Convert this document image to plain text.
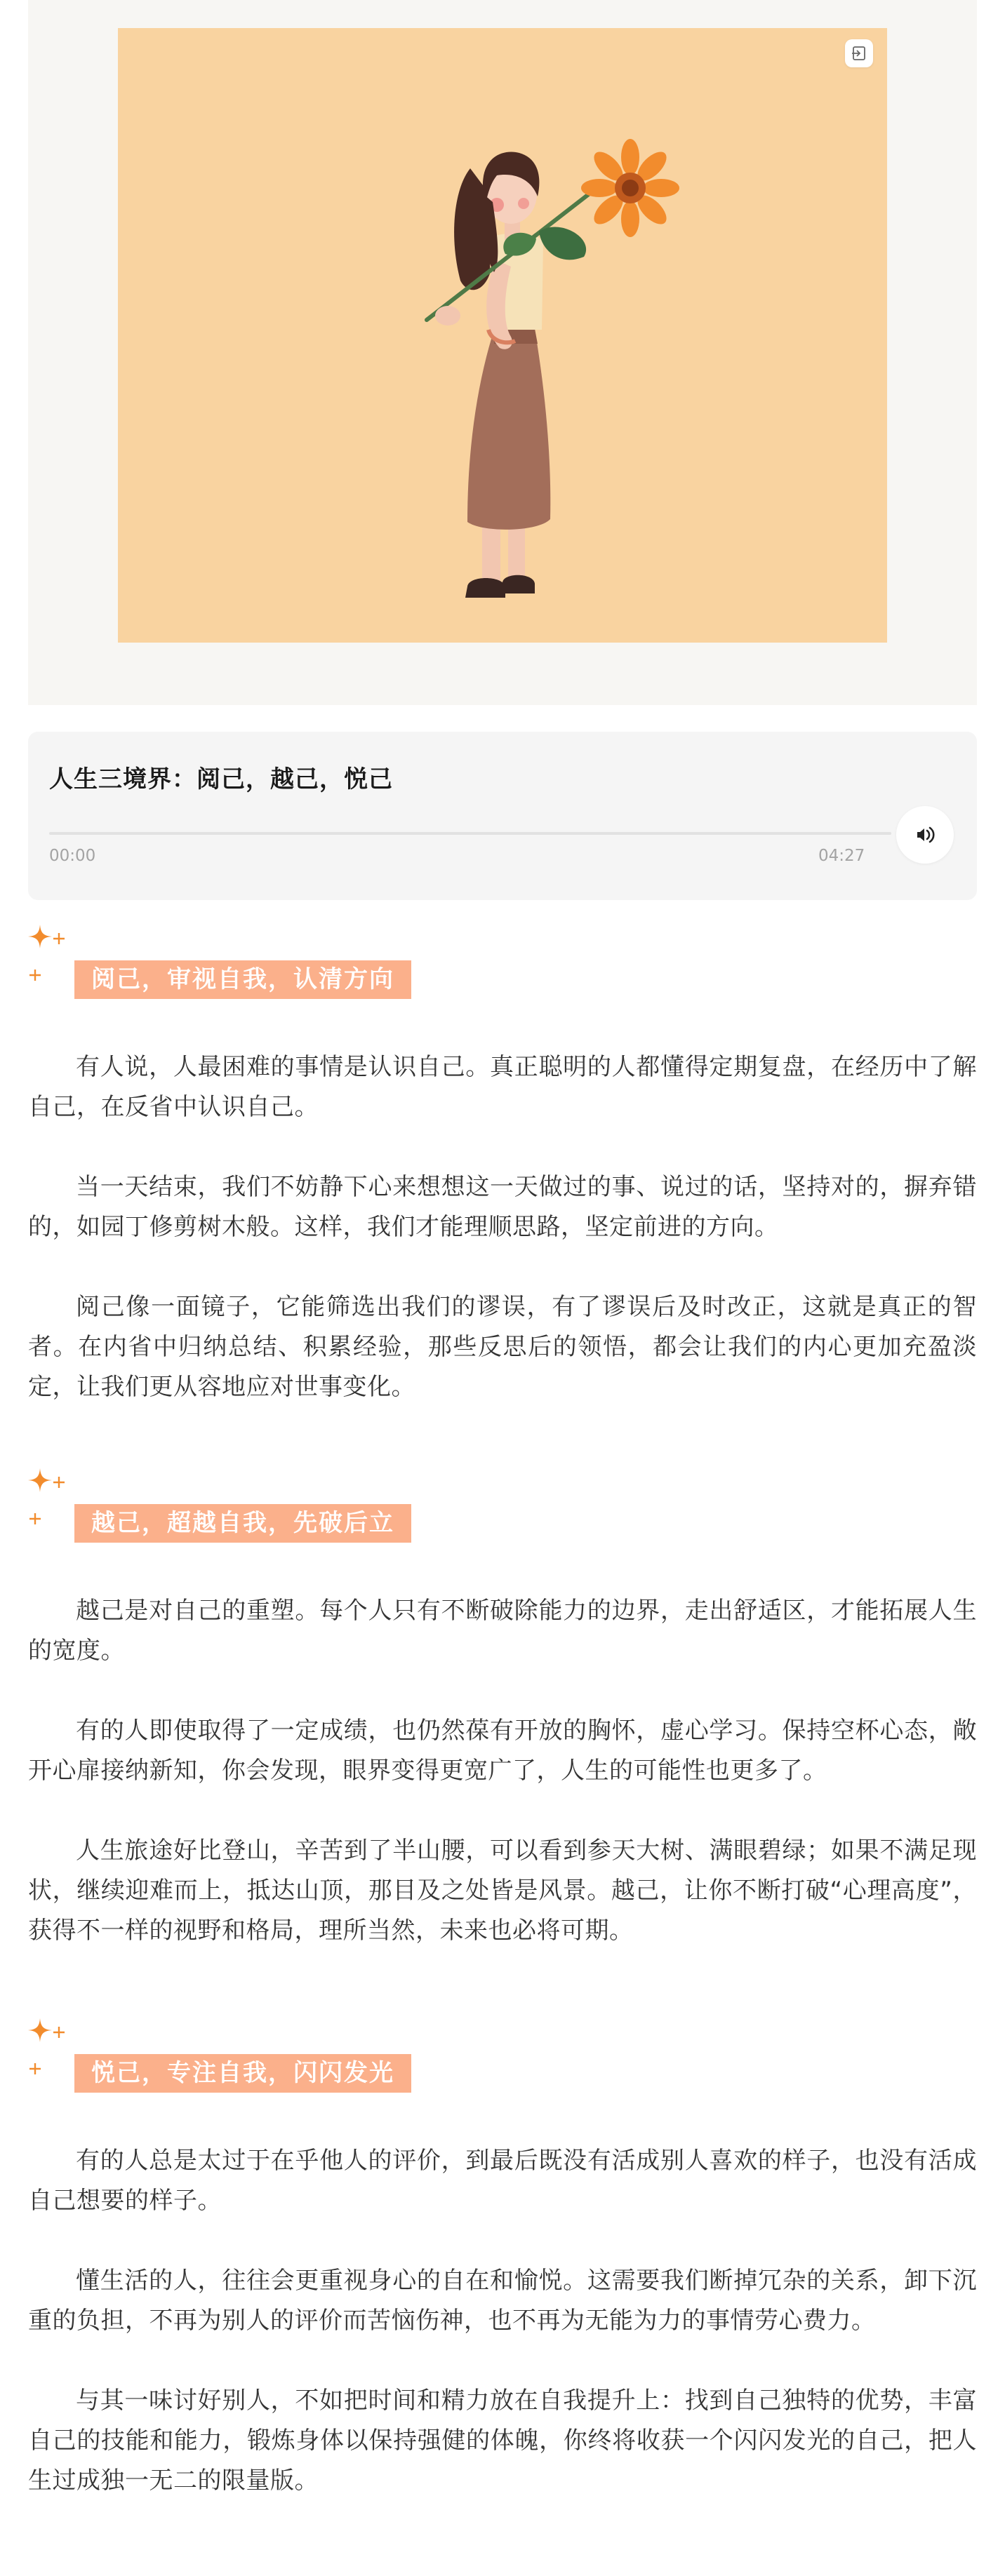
人生三境界：阅己，越己，悦己
00:00	04:27
阅己，审视自我，认清方向

有人说，人最困难的事情是认识自己。真正聪明的人都懂得定期复盘，在经历中了解自己，在反省中认识自己。

当一天结束，我们不妨静下心来想想这一天做过的事、说过的话，坚持对的，摒弃错的，如园丁修剪树木般。这样，我们才能理顺思路，坚定前进的方向。

阅己像一面镜子，它能筛选出我们的谬误，有了谬误后及时改正，这就是真正的智者。在内省中归纳总结、积累经验，那些反思后的领悟，都会让我们的内心更加充盈淡定，让我们更从容地应对世事变化。

越己，超越自我，先破后立

越己是对自己的重塑。每个人只有不断破除能力的边界，走出舒适区，才能拓展人生的宽度。

有的人即使取得了一定成绩，也仍然葆有开放的胸怀，虚心学习。保持空杯心态，敞开心扉接纳新知，你会发现，眼界变得更宽广了，人生的可能性也更多了。

人生旅途好比登山，辛苦到了半山腰，可以看到参天大树、满眼碧绿；如果不满足现状，继续迎难而上，抵达山顶，那目及之处皆是风景。越己，让你不断打破“心理高度”，获得不一样的视野和格局，理所当然，未来也必将可期。

悦己，专注自我，闪闪发光

有的人总是太过于在乎他人的评价，到最后既没有活成别人喜欢的样子，也没有活成自己想要的样子。

懂生活的人，往往会更重视身心的自在和愉悦。这需要我们断掉冗杂的关系，卸下沉重的负担，不再为别人的评价而苦恼伤神，也不再为无能为力的事情劳心费力。

与其一味讨好别人，不如把时间和精力放在自我提升上：找到自己独特的优势，丰富自己的技能和能力，锻炼身体以保持强健的体魄，你终将收获一个闪闪发光的自己，把人生过成独一无二的限量版。
